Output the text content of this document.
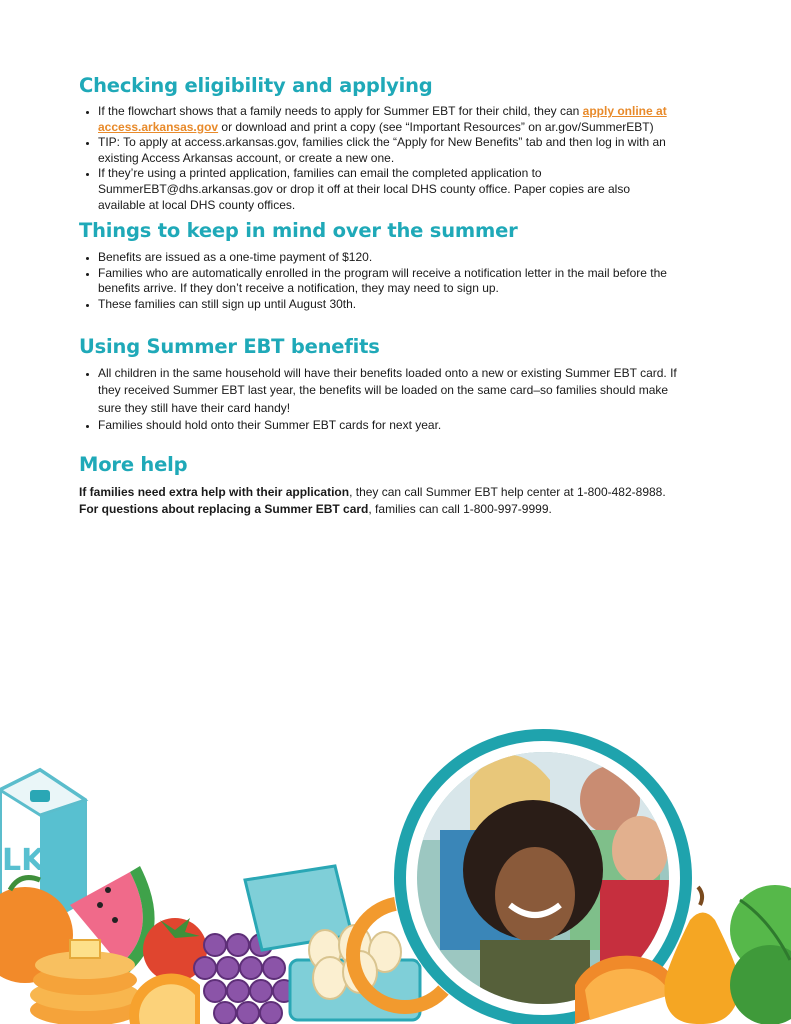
Checking eligibility and applying
• If the flowchart shows that a family needs to apply for Summer EBT for their child, they can apply online at access.arkansas.gov or download and print a copy (see “Important Resources” on ar.gov/SummerEBT)
• TIP: To apply at access.arkansas.gov, families click the “Apply for New Benefits” tab and then log in with an existing Access Arkansas account, or create a new one.
• If they’re using a printed application, families can email the completed application to SummerEBT@dhs.arkansas.gov or drop it off at their local DHS county office. Paper copies are also available at local DHS county offices.
Things to keep in mind over the summer
• Benefits are issued as a one-time payment of $120.
• Families who are automatically enrolled in the program will receive a notification letter in the mail before the benefits arrive. If they don’t receive a notification, they may need to sign up.
• These families can still sign up until August 30th.
Using Summer EBT benefits
• All children in the same household will have their benefits loaded onto a new or existing Summer EBT card. If they received Summer EBT last year, the benefits will be loaded on the same card–so families should make sure they still have their card handy!
• Families should hold onto their Summer EBT cards for next year.
More help

If families need extra help with their application, they can call Summer EBT help center at 1-800-482-8988.

For questions about replacing a Summer EBT card, families can call 1-800-997-9999.

LK
